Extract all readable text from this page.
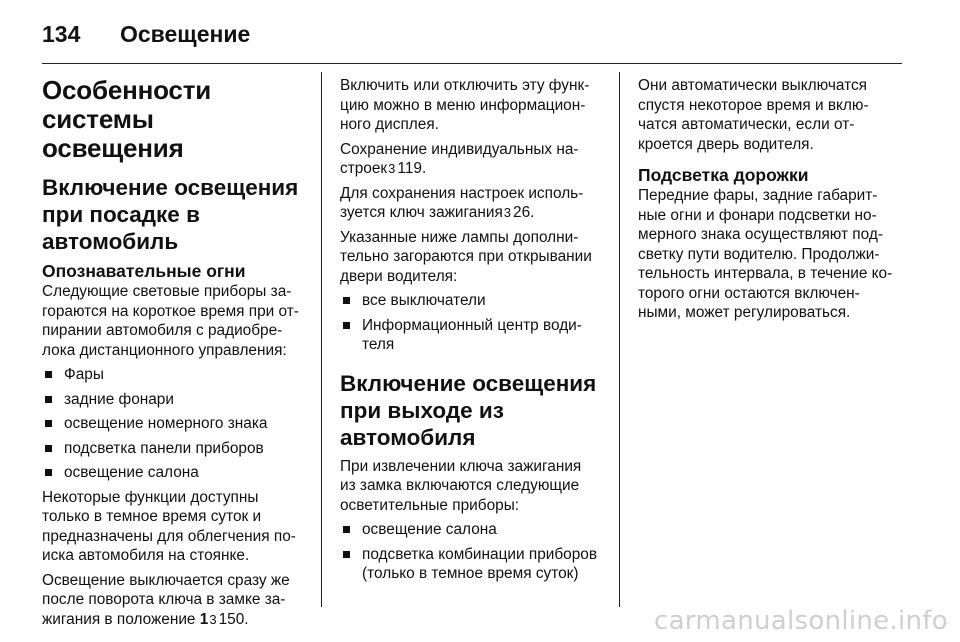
134	Освещение
Особенности системы
освещения
Включение освещения
при посадке в
автомобиль
Опознавательные огни
Следующие световые приборы за-
гораются на короткое время при от-
пирании автомобиля с радиобре-
лока дистанционного управления:
Фары
задние фонари
освещение номерного знака
подсветка панели приборов
освещение салона
Некоторые функции доступны
только в темное время суток и
предназначены для облегчения по-
иска автомобиля на стоянке.
Освещение выключается сразу же
после поворота ключа в замке за-
жигания в положение 13 150.
Включить или отключить эту функ-
цию можно в меню информацион-
ного дисплея.
Сохранение индивидуальных на-
строек3 119.
Для сохранения настроек исполь-
зуется ключ зажигания3 26.
Указанные ниже лампы дополни-
тельно загораются при открывании
двери водителя:
все выключатели
Информационный центр води-
теля
Включение освещения
при выходе из
автомобиля
При извлечении ключа зажигания
из замка включаются следующие
осветительные приборы:
освещение салона
подсветка комбинации приборов
(только в темное время суток)
Они автоматически выключатся
спустя некоторое время и вклю-
чатся автоматически, если от-
кроется дверь водителя.
Подсветка дорожки
Передние фары, задние габарит-
ные огни и фонари подсветки но-
мерного знака осуществляют под-
светку пути водителю. Продолжи-
тельность интервала, в течение ко-
торого огни остаются включен-
ными, может регулироваться.
carmanualsonline.info
